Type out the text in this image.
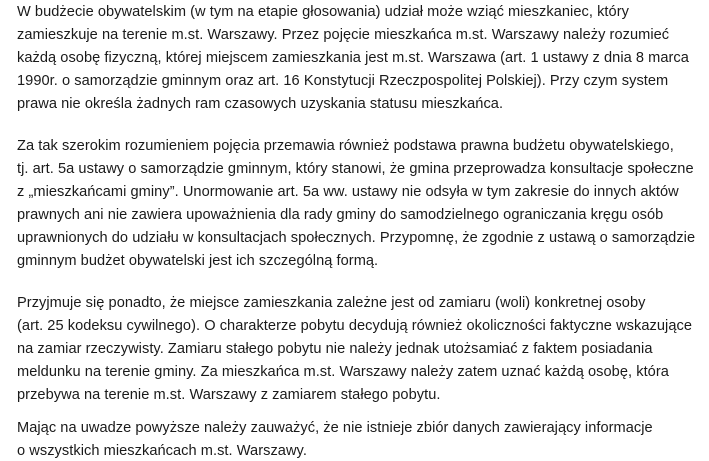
W budżecie obywatelskim (w tym na etapie głosowania) udział może wziąć mieszkaniec, który
zamieszkuje na terenie m.st. Warszawy. Przez pojęcie mieszkańca m.st. Warszawy należy rozumieć
każdą osobę fizyczną, której miejscem zamieszkania jest m.st. Warszawa (art. 1 ustawy z dnia 8 marca
1990r. o samorządzie gminnym oraz art. 16 Konstytucji Rzeczpospolitej Polskiej). Przy czym system
prawa nie określa żadnych ram czasowych uzyskania statusu mieszkańca.
Za tak szerokim rozumieniem pojęcia przemawia również podstawa prawna budżetu obywatelskiego,
tj. art. 5a ustawy o samorządzie gminnym, który stanowi, że gmina przeprowadza konsultacje społeczne
z „mieszkańcami gminy”. Unormowanie art. 5a ww. ustawy nie odsyła w tym zakresie do innych aktów
prawnych ani nie zawiera upoważnienia dla rady gminy do samodzielnego ograniczania kręgu osób
uprawnionych do udziału w konsultacjach społecznych. Przypomnę, że zgodnie z ustawą o samorządzie
gminnym budżet obywatelski jest ich szczególną formą.
Przyjmuje się ponadto, że miejsce zamieszkania zależne jest od zamiaru (woli) konkretnej osoby
(art. 25 kodeksu cywilnego). O charakterze pobytu decydują również okoliczności faktyczne wskazujące
na zamiar rzeczywisty. Zamiaru stałego pobytu nie należy jednak utożsamiać z faktem posiadania
meldunku na terenie gminy. Za mieszkańca m.st. Warszawy należy zatem uznać każdą osobę, która
przebywa na terenie m.st. Warszawy z zamiarem stałego pobytu.
Mając na uwadze powyższe należy zauważyć, że nie istnieje zbiór danych zawierający informacje
o wszystkich mieszkańcach m.st. Warszawy.
